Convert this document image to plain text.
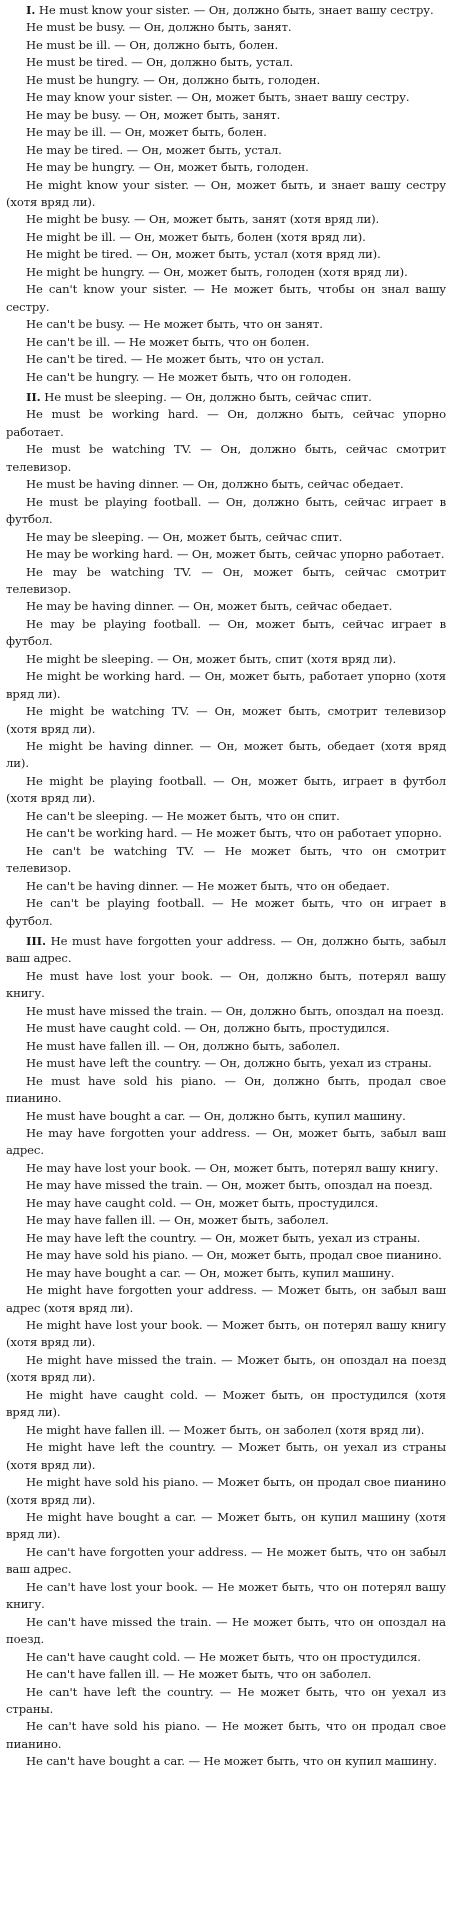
I. He must know your sister. — Он, должно быть, знает вашу сестру.

He must be busy. — Он, должно быть, занят.

He must be ill. — Он, должно быть, болен.

He must be tired. — Он, должно быть, устал.

He must be hungry. — Он, должно быть, голоден.

He may know your sister. — Он, может быть, знает вашу сестру.

He may be busy. — Он, может быть, занят.

He may be ill. — Он, может быть, болен.

He may be tired. — Он, может быть, устал.

He may be hungry. — Он, может быть, голоден.

He might know your sister. — Он, может быть, и знает вашу сестру (хотя вряд ли).

He might be busy. — Он, может быть, занят (хотя вряд ли).

He might be ill. — Он, может быть, болен (хотя вряд ли).

He might be tired. — Он, может быть, устал (хотя вряд ли).

He might be hungry. — Он, может быть, голоден (хотя вряд ли).

He can't know your sister. — Не может быть, чтобы он знал вашу сестру.

He can't be busy. — Не может быть, что он занят.

He can't be ill. — Не может быть, что он болен.

He can't be tired. — Не может быть, что он устал.

He can't be hungry. — Не может быть, что он голоден.

II. He must be sleeping. — Он, должно быть, сейчас спит.

He must be working hard. — Он, должно быть, сейчас упорно работает.

He must be watching TV. — Он, должно быть, сейчас смотрит телевизор.

He must be having dinner. — Он, должно быть, сейчас обедает.

He must be playing football. — Он, должно быть, сейчас играет в футбол.

He may be sleeping. — Он, может быть, сейчас спит.

He may be working hard. — Он, может быть, сейчас упорно работает.

He may be watching TV. — Он, может быть, сейчас смотрит телевизор.

He may be having dinner. — Он, может быть, сейчас обедает.

He may be playing football. — Он, может быть, сейчас играет в футбол.

He might be sleeping. — Он, может быть, спит (хотя вряд ли).

He might be working hard. — Он, может быть, работает упорно (хотя вряд ли).

He might be watching TV. — Он, может быть, смотрит телевизор (хотя вряд ли).

He might be having dinner. — Он, может быть, обедает (хотя вряд ли).

He might be playing football. — Он, может быть, играет в футбол (хотя вряд ли).

He can't be sleeping. — Не может быть, что он спит.

He can't be working hard. — Не может быть, что он работает упорно.

He can't be watching TV. — Не может быть, что он смотрит телевизор.

He can't be having dinner. — Не может быть, что он обедает.

He can't be playing football. — Не может быть, что он играет в футбол.

III. He must have forgotten your address. — Он, должно быть, забыл ваш адрес.

He must have lost your book. — Он, должно быть, потерял вашу книгу.

He must have missed the train. — Он, должно быть, опоздал на поезд.

He must have caught cold. — Он, должно быть, простудился.

He must have fallen ill. — Он, должно быть, заболел.

He must have left the country. — Он, должно быть, уехал из страны.

He must have sold his piano. — Он, должно быть, продал свое пианино.

He must have bought a car. — Он, должно быть, купил машину.

He may have forgotten your address. — Он, может быть, забыл ваш адрес.

He may have lost your book. — Он, может быть, потерял вашу книгу.

He may have missed the train. — Он, может быть, опоздал на поезд.

He may have caught cold. — Он, может быть, простудился.

He may have fallen ill. — Он, может быть, заболел.

He may have left the country. — Он, может быть, уехал из страны.

He may have sold his piano. — Он, может быть, продал свое пианино.

He may have bought a car. — Он, может быть, купил машину.

He might have forgotten your address. — Может быть, он забыл ваш адрес (хотя вряд ли).

He might have lost your book. — Может быть, он потерял вашу книгу (хотя вряд ли).

He might have missed the train. — Может быть, он опоздал на поезд (хотя вряд ли).

He might have caught cold. — Может быть, он простудился (хотя вряд ли).

He might have fallen ill. — Может быть, он заболел (хотя вряд ли).

He might have left the country. — Может быть, он уехал из страны (хотя вряд ли).

He might have sold his piano. — Может быть, он продал свое пианино (хотя вряд ли).

He might have bought a car. — Может быть, он купил машину (хотя вряд ли).

He can't have forgotten your address. — Не может быть, что он забыл ваш адрес.

He can't have lost your book. — Не может быть, что он потерял вашу книгу.

He can't have missed the train. — Не может быть, что он опоздал на поезд.

He can't have caught cold. — Не может быть, что он простудился.

He can't have fallen ill. — Не может быть, что он заболел.

He can't have left the country. — Не может быть, что он уехал из страны.

He can't have sold his piano. — Не может быть, что он продал свое пианино.

He can't have bought a car. — Не может быть, что он купил машину.
